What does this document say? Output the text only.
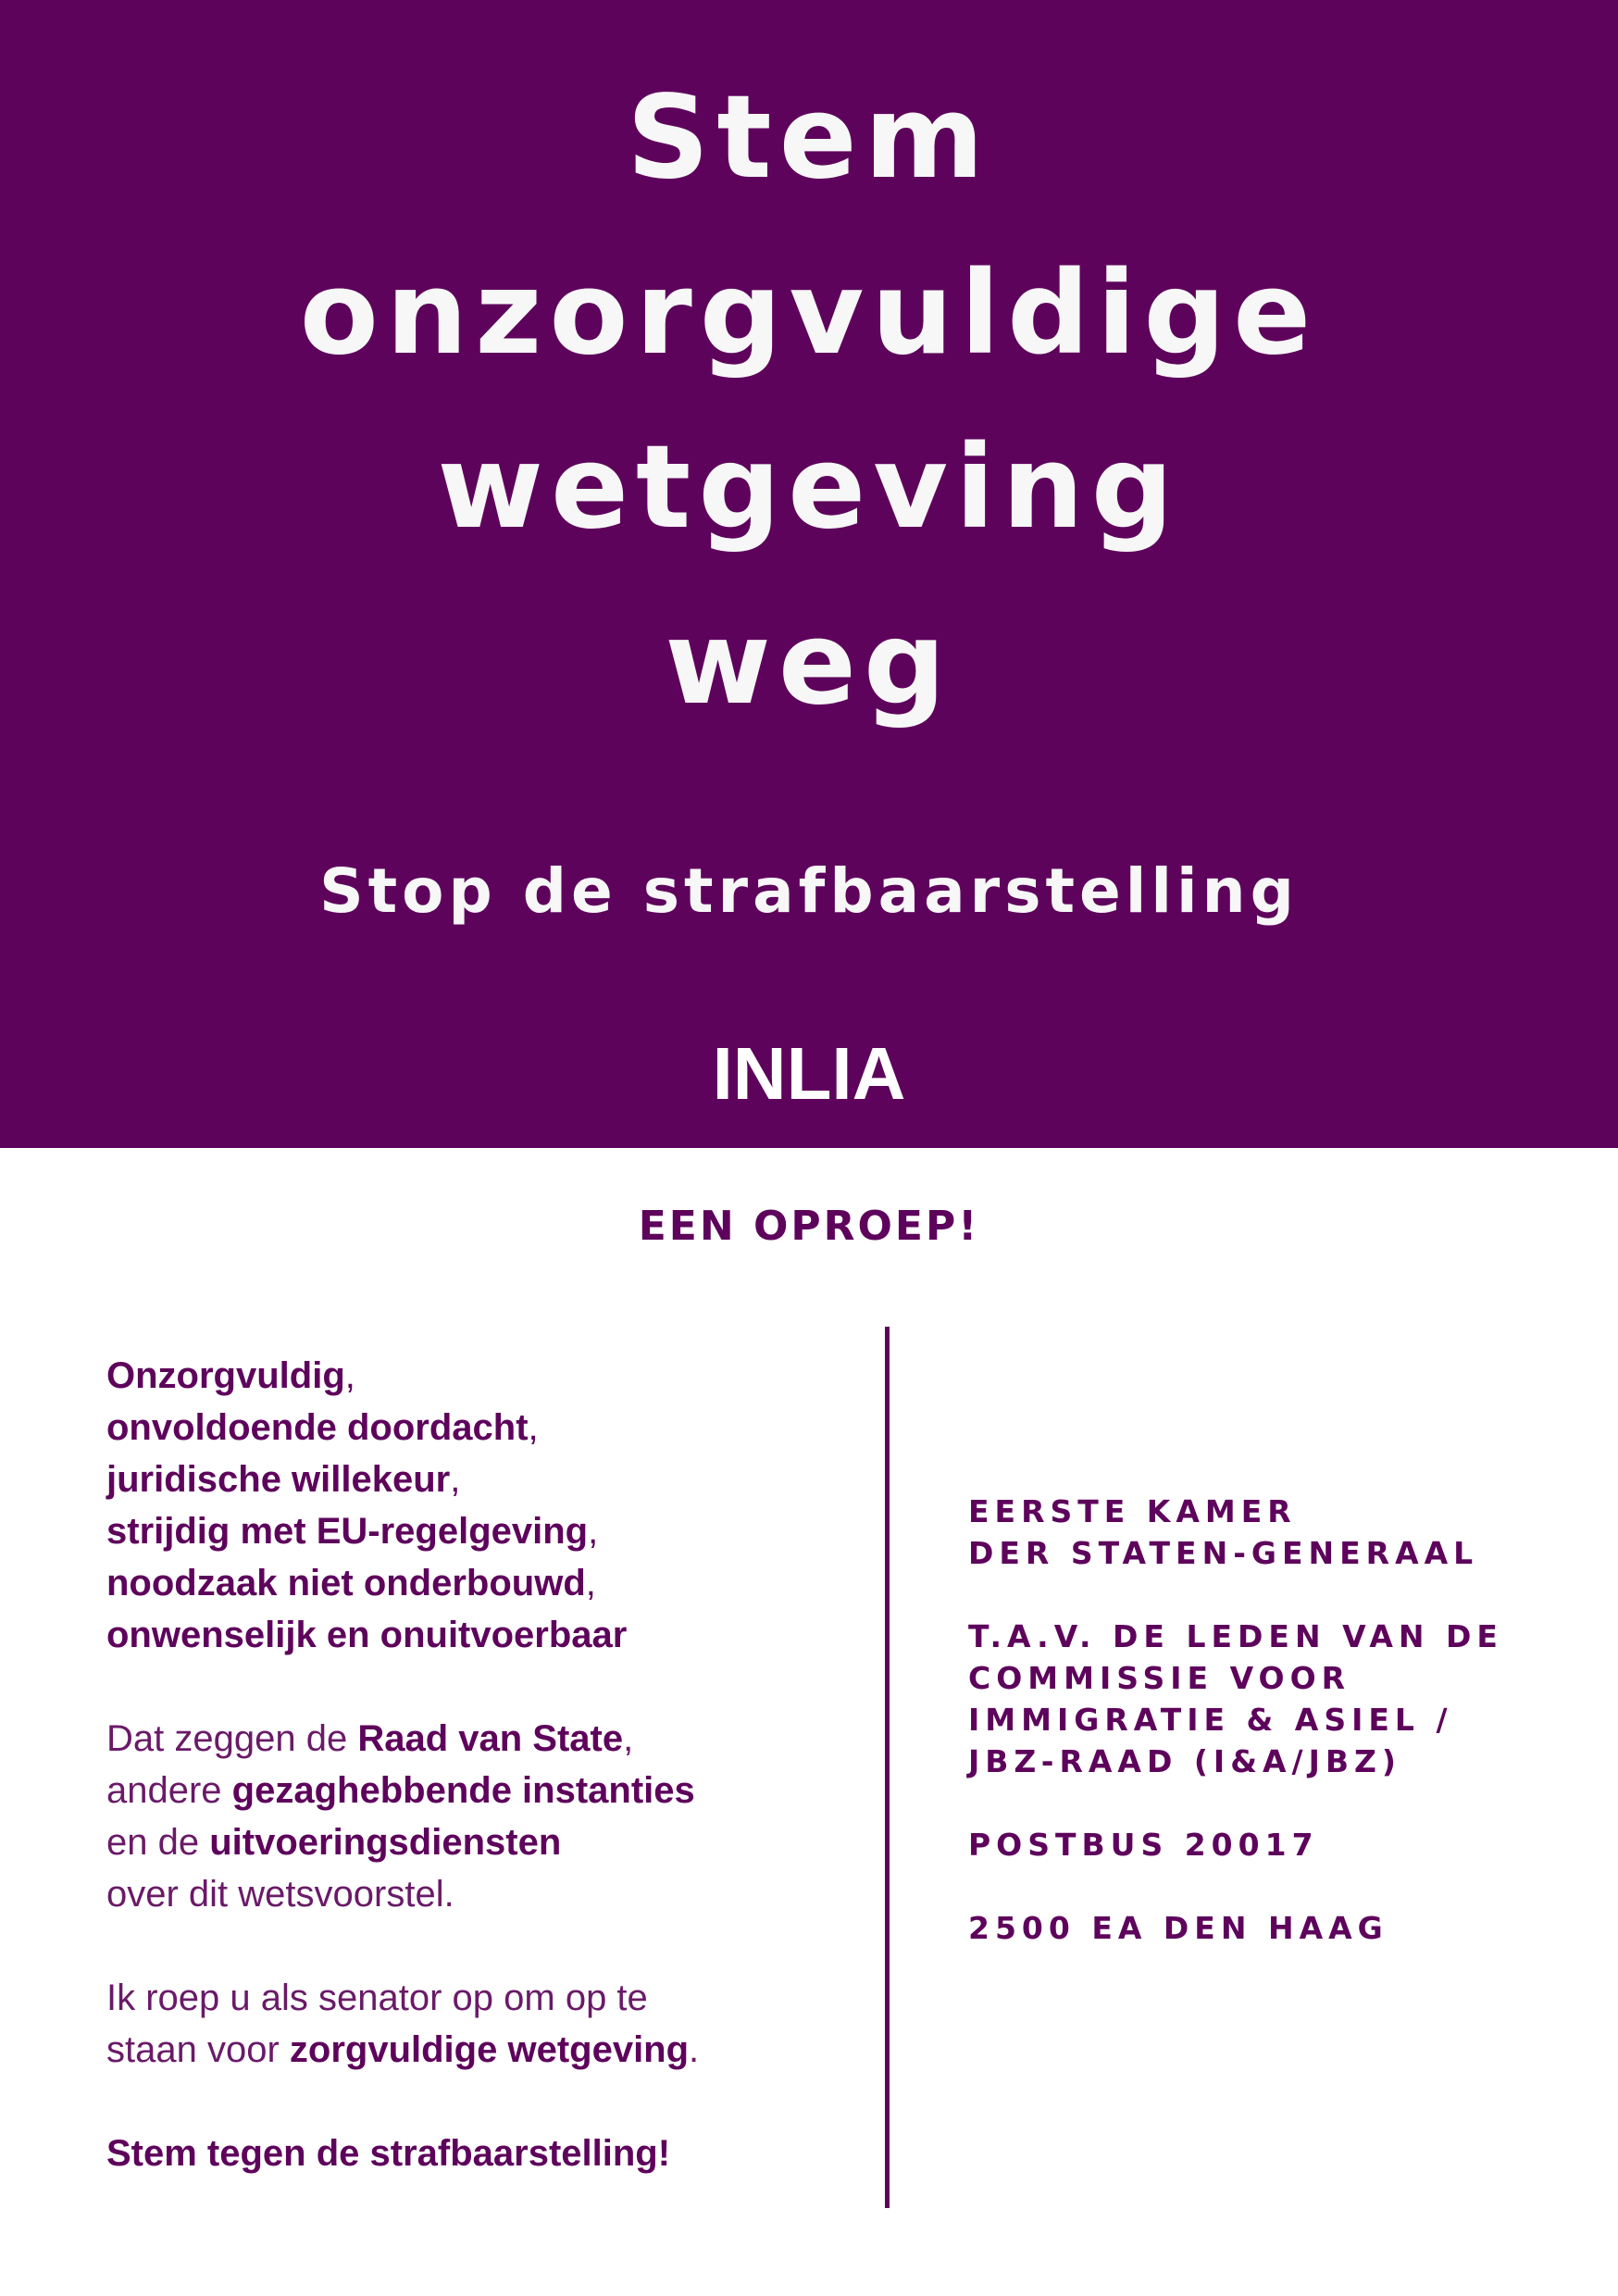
Stem
onzorgvuldige
wetgeving
weg
Stop de strafbaarstelling
INLIA
EEN OPROEP!
Onzorgvuldig,
onvoldoende doordacht,
juridische willekeur,
strijdig met EU-regelgeving,
noodzaak niet onderbouwd,
onwenselijk en onuitvoerbaar
Dat zeggen de Raad van State,
andere gezaghebbende instanties
en de uitvoeringsdiensten
over dit wetsvoorstel.
Ik roep u als senator op om op te
staan voor zorgvuldige wetgeving.
Stem tegen de strafbaarstelling!
EERSTE KAMER
DER STATEN-GENERAAL
T.A.V. DE LEDEN VAN DE
COMMISSIE VOOR
IMMIGRATIE & ASIEL /
JBZ-RAAD (I&A/JBZ)
POSTBUS 20017
2500 EA DEN HAAG
